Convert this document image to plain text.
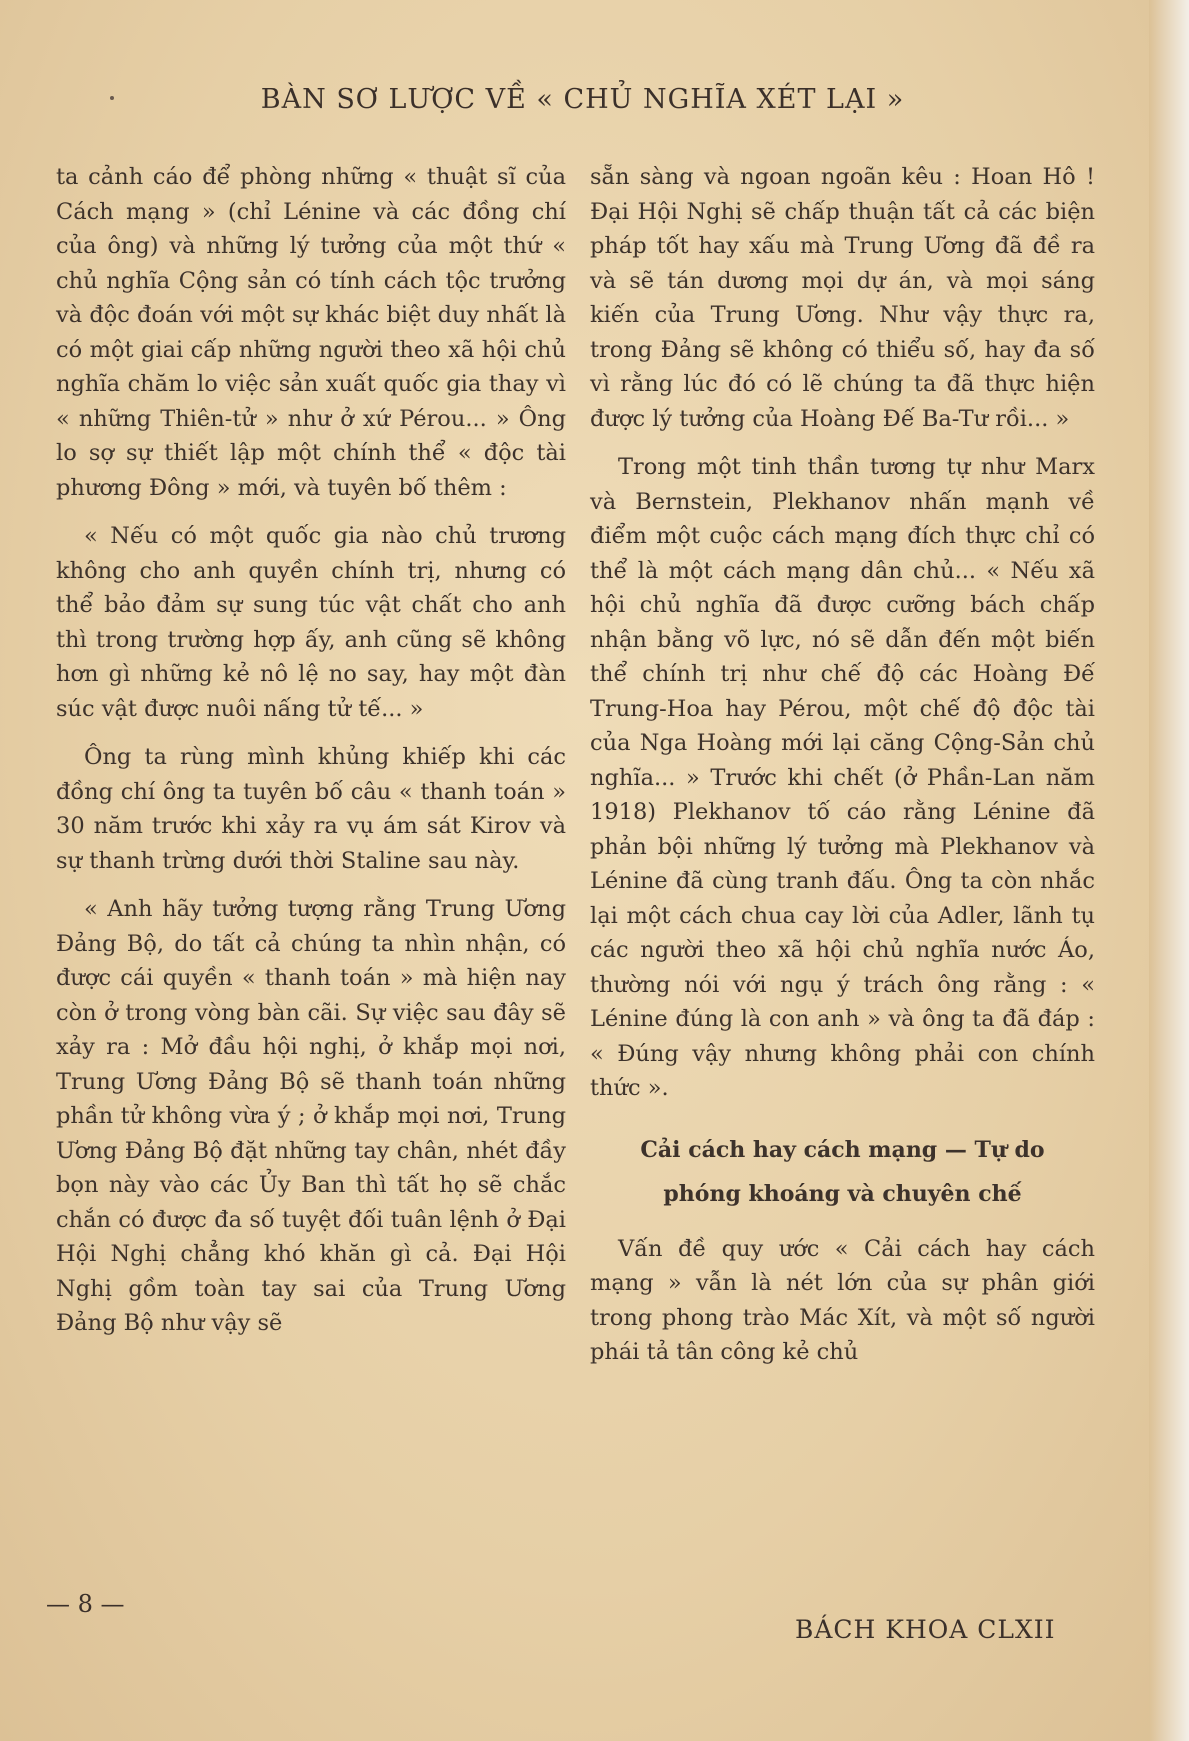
BÀN SƠ LƯỢC VỀ « CHỦ NGHĨA XÉT LẠI »

ta cảnh cáo để phòng những « thuật sĩ của Cách mạng » (chỉ Lénine và các đồng chí của ông) và những lý tưởng của một thứ « chủ nghĩa Cộng sản có tính cách tộc trưởng và độc đoán với một sự khác biệt duy nhất là có một giai cấp những người theo xã hội chủ nghĩa chăm lo việc sản xuất quốc gia thay vì « những Thiên-tử » như ở xứ Pérou... » Ông lo sợ sự thiết lập một chính thể « độc tài phương Đông » mới, và tuyên bố thêm :

« Nếu có một quốc gia nào chủ trương không cho anh quyền chính trị, nhưng có thể bảo đảm sự sung túc vật chất cho anh thì trong trường hợp ấy, anh cũng sẽ không hơn gì những kẻ nô lệ no say, hay một đàn súc vật được nuôi nấng tử tế... »

Ông ta rùng mình khủng khiếp khi các đồng chí ông ta tuyên bố câu « thanh toán » 30 năm trước khi xảy ra vụ ám sát Kirov và sự thanh trừng dưới thời Staline sau này.

« Anh hãy tưởng tượng rằng Trung Ương Đảng Bộ, do tất cả chúng ta nhìn nhận, có được cái quyền « thanh toán » mà hiện nay còn ở trong vòng bàn cãi. Sự việc sau đây sẽ xảy ra : Mở đầu hội nghị, ở khắp mọi nơi, Trung Ương Đảng Bộ sẽ thanh toán những phần tử không vừa ý ; ở khắp mọi nơi, Trung Ương Đảng Bộ đặt những tay chân, nhét đầy bọn này vào các Ủy Ban thì tất họ sẽ chắc chắn có được đa số tuyệt đối tuân lệnh ở Đại Hội Nghị chẳng khó khăn gì cả. Đại Hội Nghị gồm toàn tay sai của Trung Ương Đảng Bộ như vậy sẽ

sẵn sàng và ngoan ngoãn kêu : Hoan Hô ! Đại Hội Nghị sẽ chấp thuận tất cả các biện pháp tốt hay xấu mà Trung Ương đã đề ra và sẽ tán dương mọi dự án, và mọi sáng kiến của Trung Ương. Như vậy thực ra, trong Đảng sẽ không có thiểu số, hay đa số vì rằng lúc đó có lẽ chúng ta đã thực hiện được lý tưởng của Hoàng Đế Ba-Tư rồi... »

Trong một tinh thần tương tự như Marx và Bernstein, Plekhanov nhấn mạnh về điểm một cuộc cách mạng đích thực chỉ có thể là một cách mạng dân chủ... « Nếu xã hội chủ nghĩa đã được cưỡng bách chấp nhận bằng võ lực, nó sẽ dẫn đến một biến thể chính trị như chế độ các Hoàng Đế Trung-Hoa hay Pérou, một chế độ độc tài của Nga Hoàng mới lại căng Cộng-Sản chủ nghĩa... » Trước khi chết (ở Phần-Lan năm 1918) Plekhanov tố cáo rằng Lénine đã phản bội những lý tưởng mà Plekhanov và Lénine đã cùng tranh đấu. Ông ta còn nhắc lại một cách chua cay lời của Adler, lãnh tụ các người theo xã hội chủ nghĩa nước Áo, thường nói với ngụ ý trách ông rằng : « Lénine đúng là con anh » và ông ta đã đáp : « Đúng vậy nhưng không phải con chính thức ».

Cải cách hay cách mạng — Tự do
phóng khoáng và chuyên chế

Vấn đề quy ước « Cải cách hay cách mạng » vẫn là nét lớn của sự phân giới trong phong trào Mác Xít, và một số người phái tả tân công kẻ chủ

— 8 —
BÁCH KHOA CLXII
